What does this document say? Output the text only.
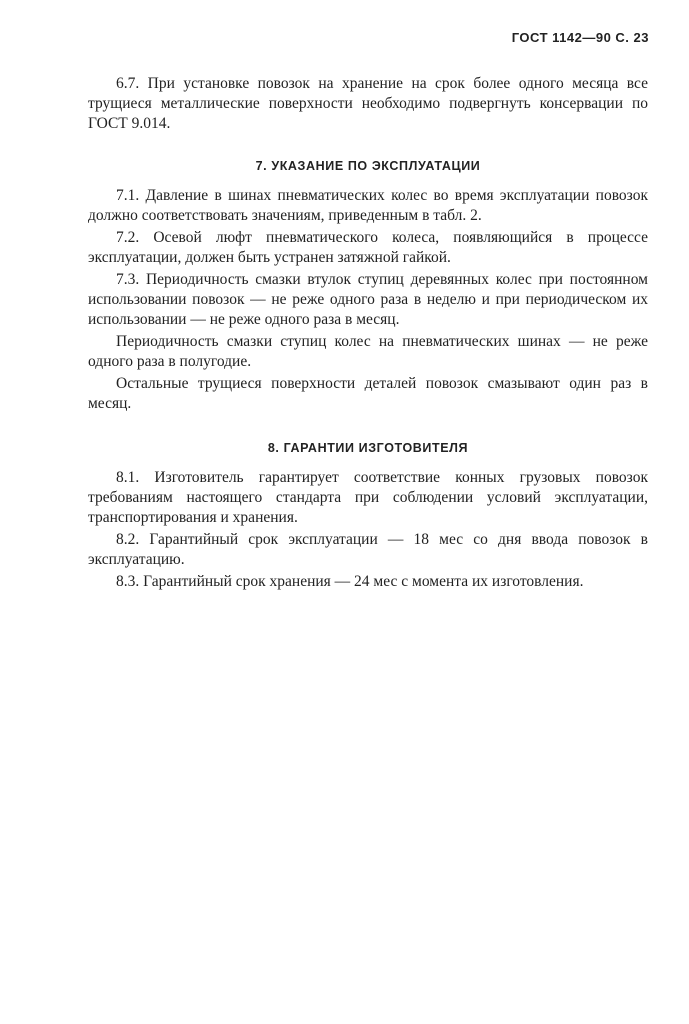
ГОСТ 1142—90 С. 23

6.7. При установке повозок на хранение на срок более одного месяца все трущиеся металлические поверхности необходимо подвергнуть консервации по ГОСТ 9.014.

7. УКАЗАНИЕ ПО ЭКСПЛУАТАЦИИ

7.1. Давление в шинах пневматических колес во время эксплуатации повозок должно соответствовать значениям, приведенным в табл. 2.

7.2. Осевой люфт пневматического колеса, появляющийся в процессе эксплуатации, должен быть устранен затяжной гайкой.

7.3. Периодичность смазки втулок ступиц деревянных колес при постоянном использовании повозок — не реже одного раза в неделю и при периодическом их использовании — не реже одного раза в месяц.

Периодичность смазки ступиц колес на пневматических шинах — не реже одного раза в полугодие.

Остальные трущиеся поверхности деталей повозок смазывают один раз в месяц.

8. ГАРАНТИИ ИЗГОТОВИТЕЛЯ

8.1. Изготовитель гарантирует соответствие конных грузовых повозок требованиям настоящего стандарта при соблюдении условий эксплуатации, транспортирования и хранения.

8.2. Гарантийный срок эксплуатации — 18 мес со дня ввода повозок в эксплуатацию.

8.3. Гарантийный срок хранения — 24 мес с момента их изготовления.
